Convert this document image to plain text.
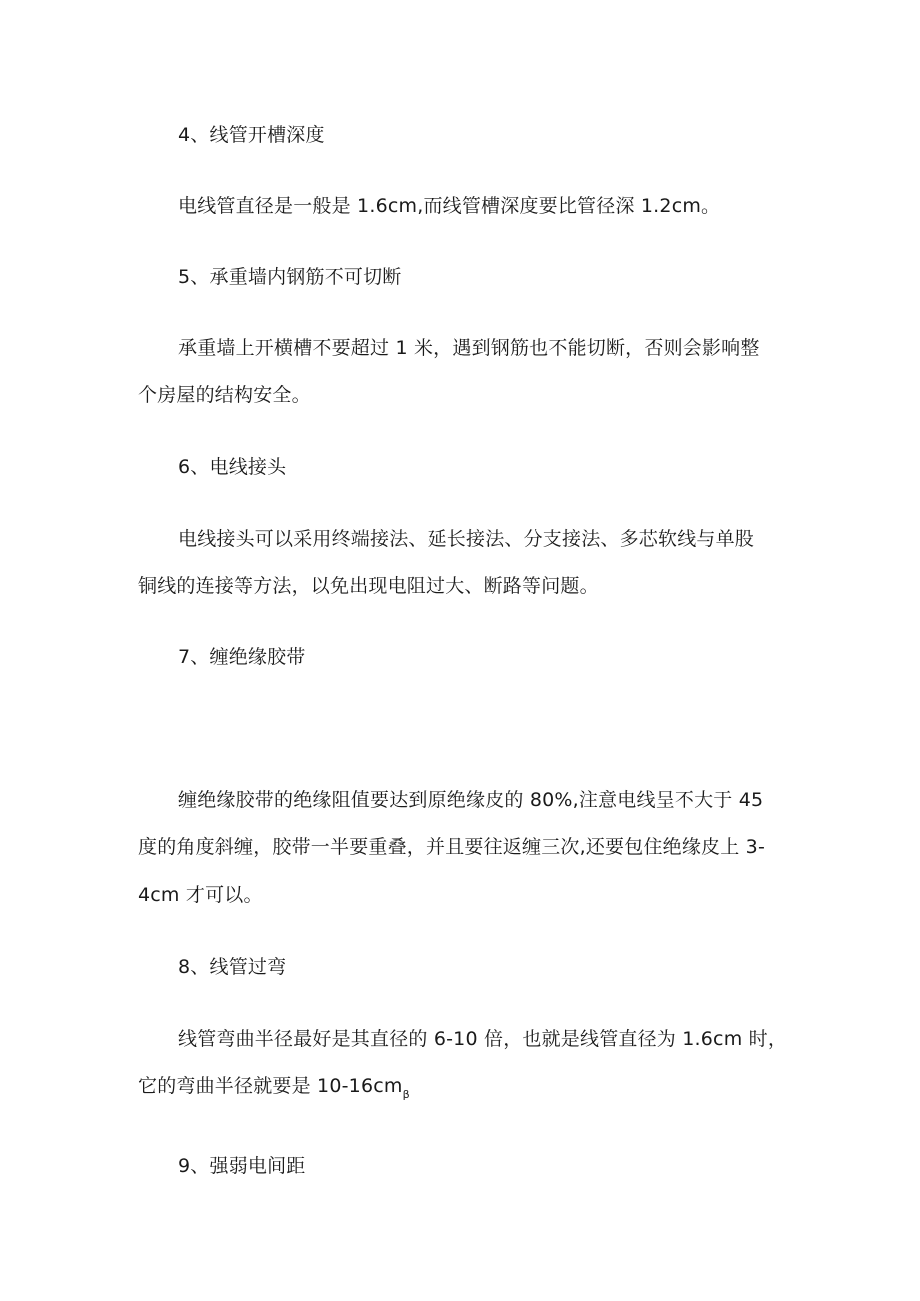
4、线管开槽深度
电线管直径是一般是 1.6cm,而线管槽深度要比管径深 1.2cm。
5、承重墙内钢筋不可切断
承重墙上开横槽不要超过 1 米，遇到钢筋也不能切断，否则会影响整
个房屋的结构安全。
6、电线接头
电线接头可以采用终端接法、延长接法、分支接法、多芯软线与单股
铜线的连接等方法，以免出现电阻过大、断路等问题。
7、缠绝缘胶带
缠绝缘胶带的绝缘阻值要达到原绝缘皮的 80%,注意电线呈不大于 45
度的角度斜缠，胶带一半要重叠，并且要往返缠三次,还要包住绝缘皮上 3-
4cm 才可以。
8、线管过弯
线管弯曲半径最好是其直径的 6-10 倍，也就是线管直径为 1.6cm 时，
它的弯曲半径就要是 $10-16cm_\beta$
9、强弱电间距
